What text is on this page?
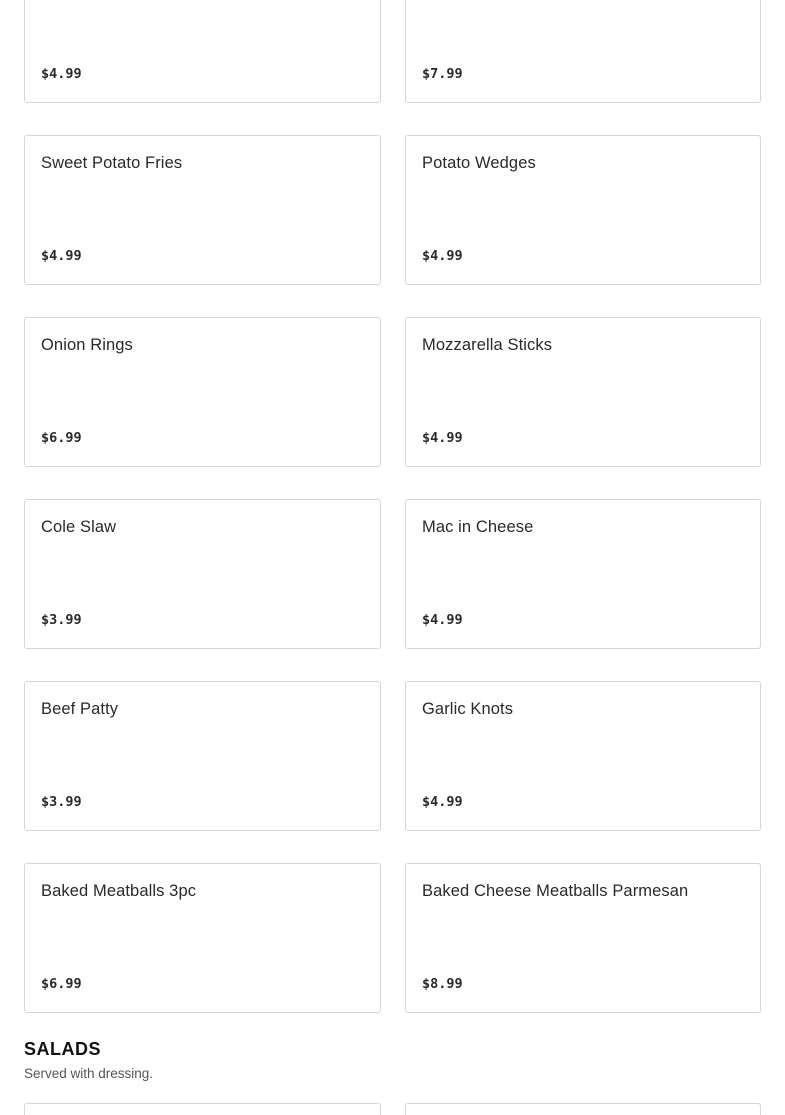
$4.99	$7.99
Sweet Potato Fries
$4.99
Potato Wedges
$4.99
Onion Rings
$6.99
Mozzarella Sticks
$4.99
Cole Slaw
$3.99
Mac in Cheese
$4.99
Beef Patty
$3.99
Garlic Knots
$4.99
Baked Meatballs 3pc
$6.99
Baked Cheese Meatballs Parmesan
$8.99
SALADS
Served with dressing.
